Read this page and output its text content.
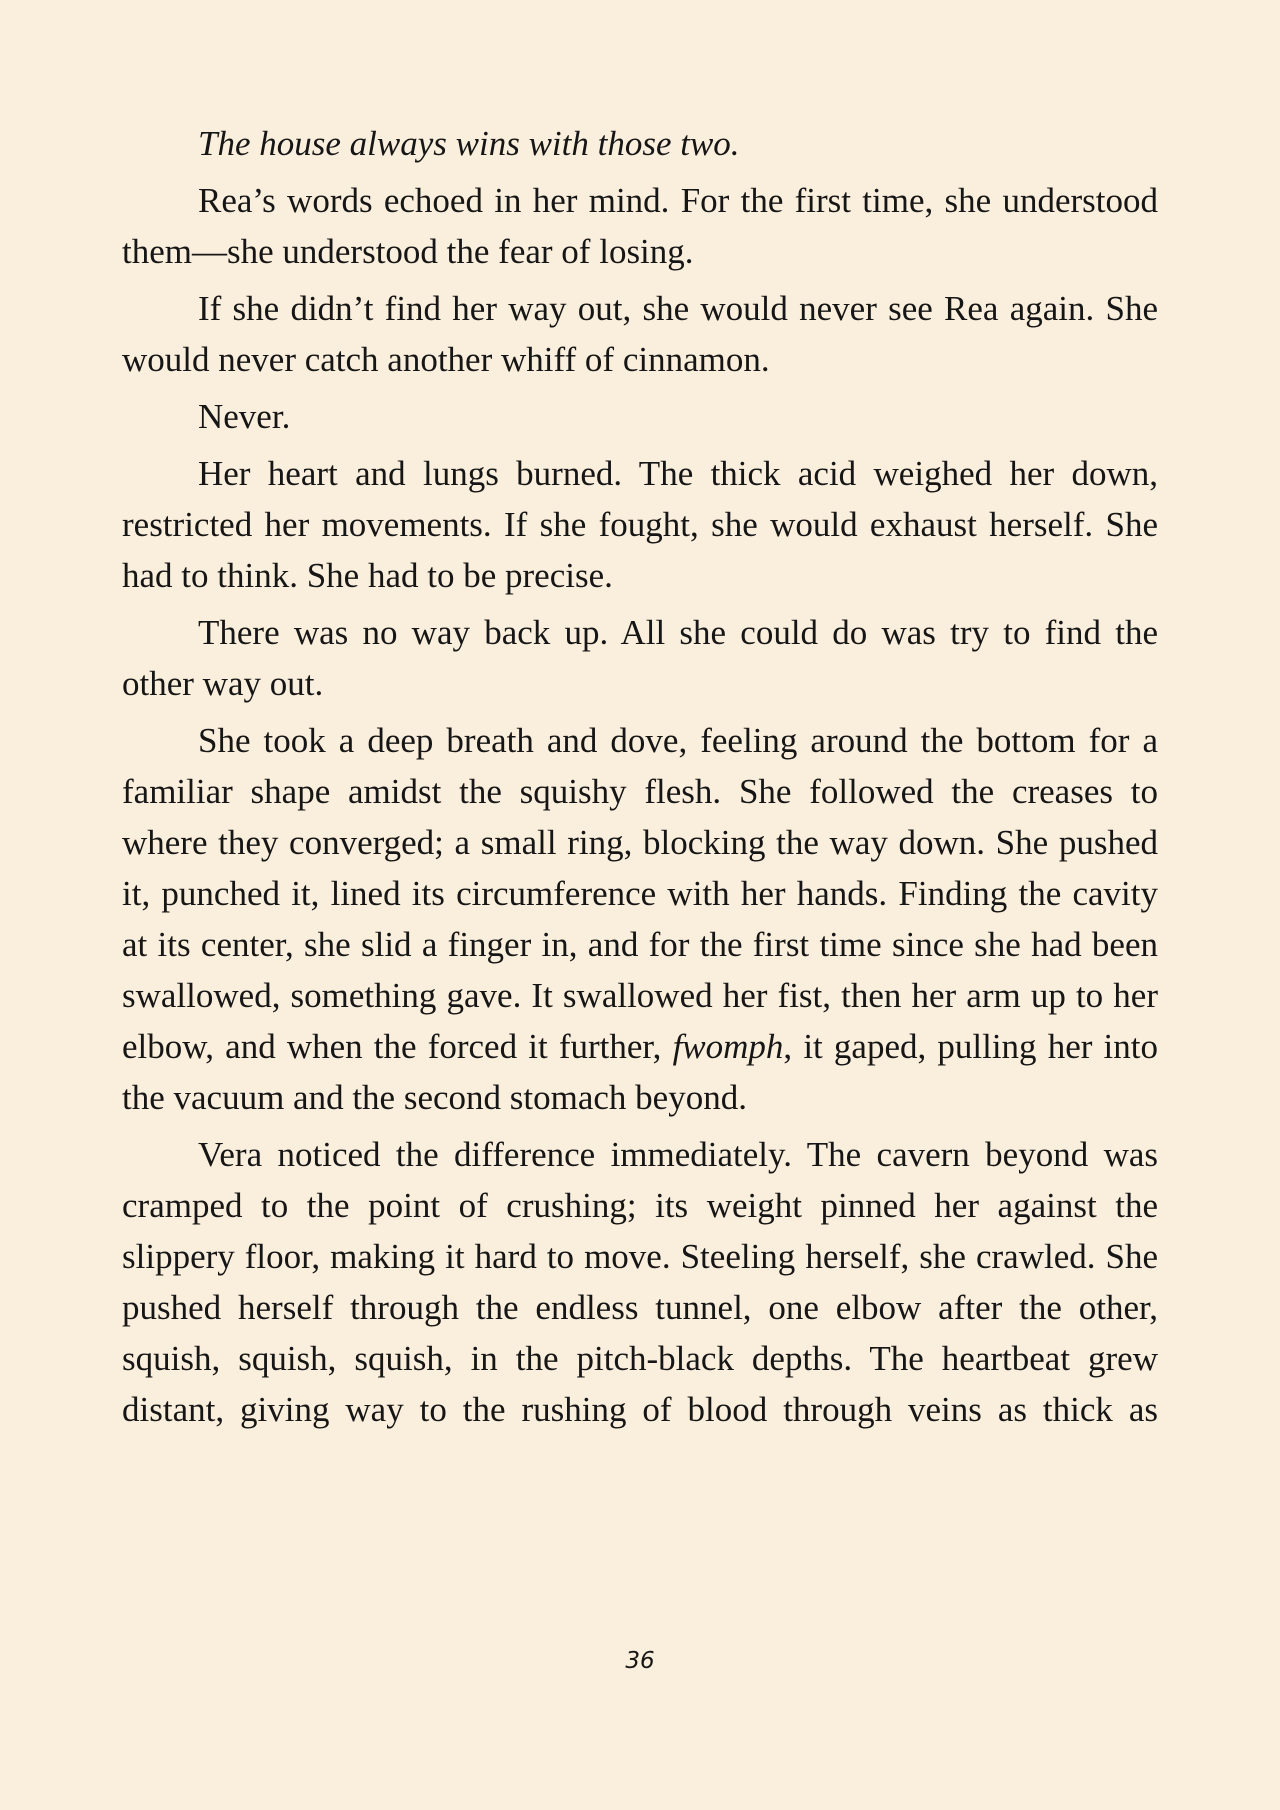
The house always wins with those two.

Rea’s words echoed in her mind. For the first time, she understood them—she understood the fear of losing.

If she didn’t find her way out, she would never see Rea again. She would never catch another whiff of cinnamon.

Never.

Her heart and lungs burned. The thick acid weighed her down, restricted her movements. If she fought, she would exhaust herself. She had to think. She had to be precise.

There was no way back up. All she could do was try to find the other way out.

She took a deep breath and dove, feeling around the bottom for a familiar shape amidst the squishy flesh. She followed the creases to where they converged; a small ring, blocking the way down. She pushed it, punched it, lined its circumference with her hands. Finding the cavity at its center, she slid a finger in, and for the first time since she had been swallowed, something gave. It swallowed her fist, then her arm up to her elbow, and when the forced it further, fwomph, it gaped, pulling her into the vacuum and the second stomach beyond.

Vera noticed the difference immediately. The cavern beyond was cramped to the point of crushing; its weight pinned her against the slippery floor, making it hard to move. Steeling herself, she crawled. She pushed herself through the endless tunnel, one elbow after the other, squish, squish, squish, in the pitch-black depths. The heartbeat grew distant, giving way to the rushing of blood through veins as thick as

36
